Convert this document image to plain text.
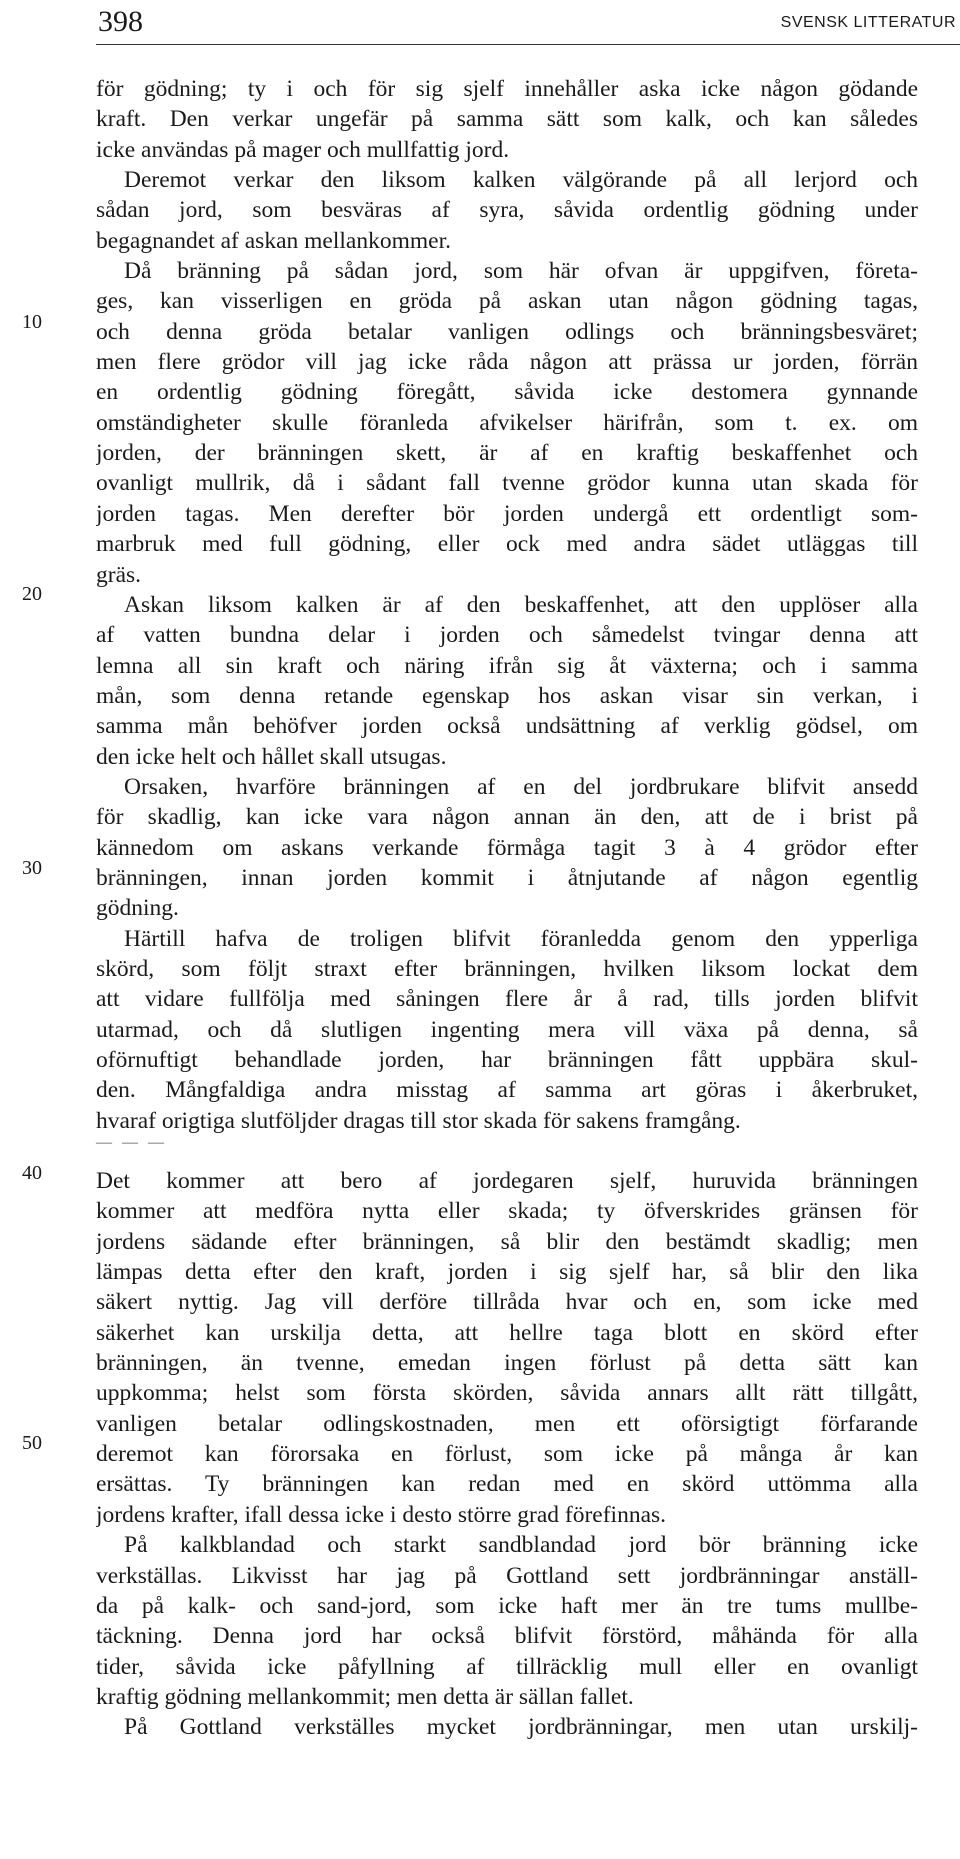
398	SVENSK LITTERATUR
10
20
30
40
50
för gödning; ty i och för sig sjelf innehåller aska icke någon gödande
kraft. Den verkar ungefär på samma sätt som kalk, och kan således
icke användas på mager och mullfattig jord.
Deremot verkar den liksom kalken välgörande på all lerjord och
sådan jord, som besväras af syra, såvida ordentlig gödning under
begagnandet af askan mellankommer.
Då bränning på sådan jord, som här ofvan är uppgifven, företa-
ges, kan visserligen en gröda på askan utan någon gödning tagas,
och denna gröda betalar vanligen odlings och bränningsbesväret;
men flere grödor vill jag icke råda någon att prässa ur jorden, förrän
en ordentlig gödning föregått, såvida icke destomera gynnande
omständigheter skulle föranleda afvikelser härifrån, som t. ex. om
jorden, der bränningen skett, är af en kraftig beskaffenhet och
ovanligt mullrik, då i sådant fall tvenne grödor kunna utan skada för
jorden tagas. Men derefter bör jorden undergå ett ordentligt som-
marbruk med full gödning, eller ock med andra sädet utläggas till
gräs.
Askan liksom kalken är af den beskaffenhet, att den upplöser alla
af vatten bundna delar i jorden och såmedelst tvingar denna att
lemna all sin kraft och näring ifrån sig åt växterna; och i samma
mån, som denna retande egenskap hos askan visar sin verkan, i
samma mån behöfver jorden också undsättning af verklig gödsel, om
den icke helt och hållet skall utsugas.
Orsaken, hvarföre bränningen af en del jordbrukare blifvit ansedd
för skadlig, kan icke vara någon annan än den, att de i brist på
kännedom om askans verkande förmåga tagit 3 à 4 grödor efter
bränningen, innan jorden kommit i åtnjutande af någon egentlig
gödning.
Härtill hafva de troligen blifvit föranledda genom den ypperliga
skörd, som följt straxt efter bränningen, hvilken liksom lockat dem
att vidare fullfölja med såningen flere år å rad, tills jorden blifvit
utarmad, och då slutligen ingenting mera vill växa på denna, så
oförnuftigt behandlade jorden, har bränningen fått uppbära skul-
den. Mångfaldiga andra misstag af samma art göras i åkerbruket,
hvaraf origtiga slutföljder dragas till stor skada för sakens framgång.
— — —
Det kommer att bero af jordegaren sjelf, huruvida bränningen
kommer att medföra nytta eller skada; ty öfverskrides gränsen för
jordens sädande efter bränningen, så blir den bestämdt skadlig; men
lämpas detta efter den kraft, jorden i sig sjelf har, så blir den lika
säkert nyttig. Jag vill derföre tillråda hvar och en, som icke med
säkerhet kan urskilja detta, att hellre taga blott en skörd efter
bränningen, än tvenne, emedan ingen förlust på detta sätt kan
uppkomma; helst som första skörden, såvida annars allt rätt tillgått,
vanligen betalar odlingskostnaden, men ett oförsigtigt förfarande
deremot kan förorsaka en förlust, som icke på många år kan
ersättas. Ty bränningen kan redan med en skörd uttömma alla
jordens krafter, ifall dessa icke i desto större grad förefinnas.
På kalkblandad och starkt sandblandad jord bör bränning icke
verkställas. Likvisst har jag på Gottland sett jordbränningar anställ-
da på kalk- och sand-jord, som icke haft mer än tre tums mullbe-
täckning. Denna jord har också blifvit förstörd, måhända för alla
tider, såvida icke påfyllning af tillräcklig mull eller en ovanligt
kraftig gödning mellankommit; men detta är sällan fallet.
På Gottland verkställes mycket jordbränningar, men utan urskilj-
